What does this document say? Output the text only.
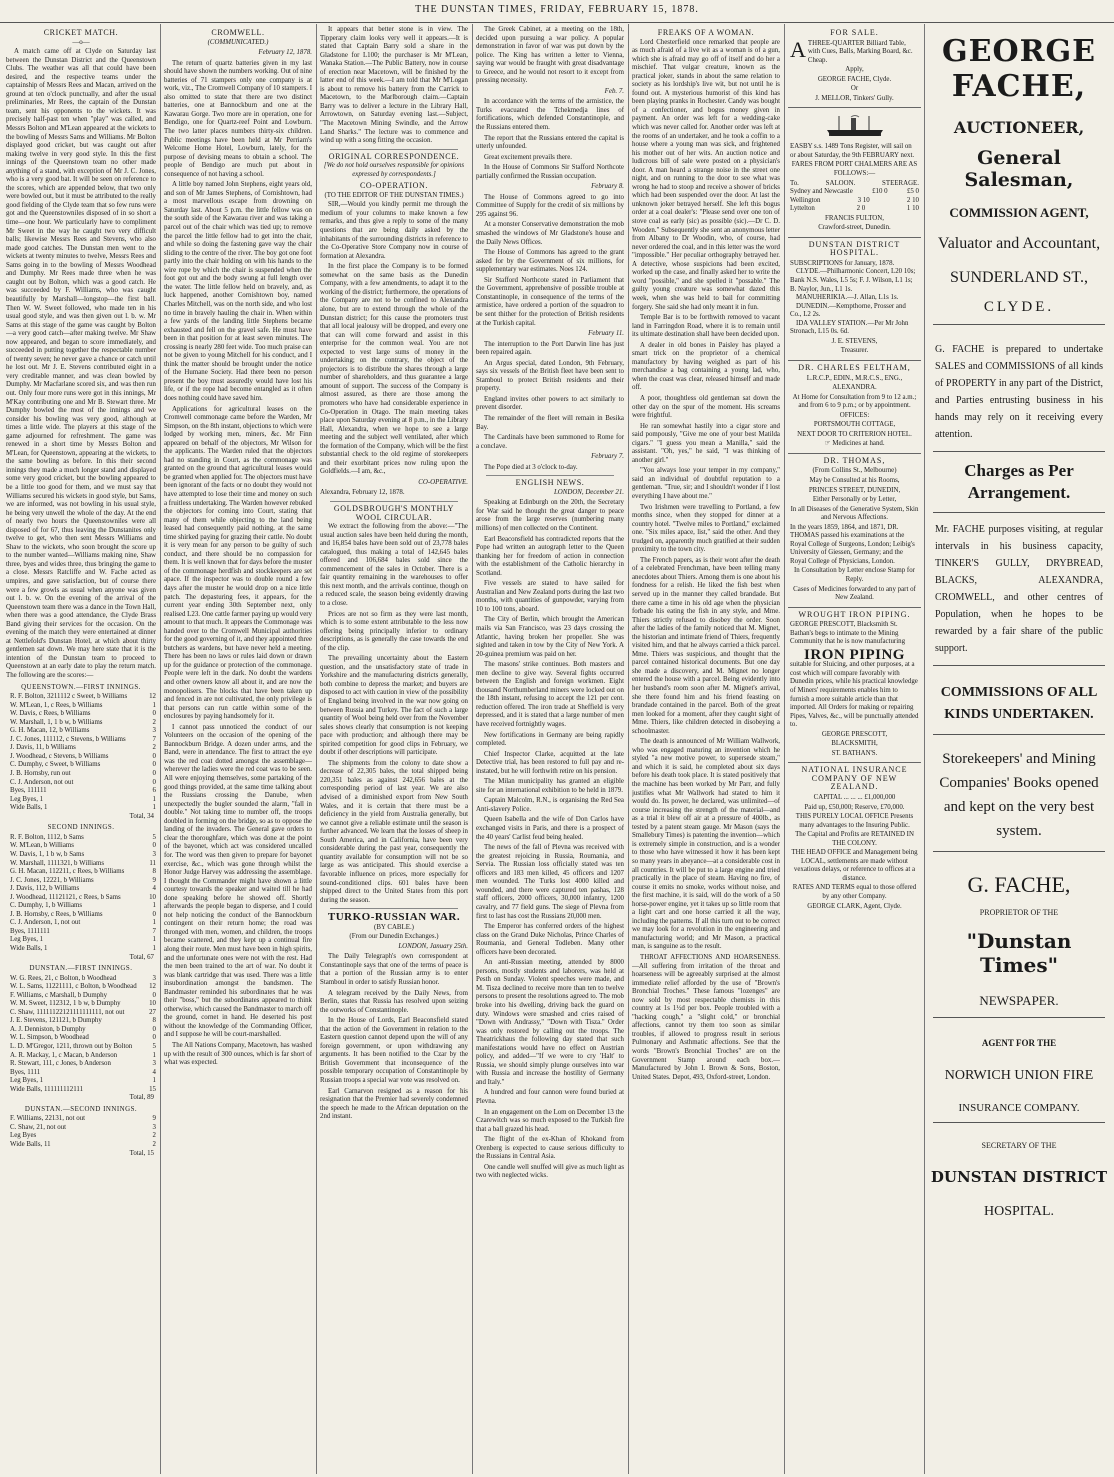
THE DUNSTAN TIMES, FRIDAY, FEBRUARY 15, 1878.
CRICKET MATCH.
—o—

A match came off at Clyde on Saturday last between the Dunstan District and the Queenstown Clubs. The weather was all that could have been desired, and the respective teams under the captainship of Messrs Rees and Macan, arrived on the ground at ten o'clock punctually, and after the usual preliminaries, Mr Rees, the captain of the Dunstan team, sent his opponents to the wickets. It was precisely half-past ten when "play" was called, and Messrs Bolton and M'Lean appeared at the wickets to the bowling of Messrs Sams and Williams. Mr Bolton displayed good cricket, but was caught out after making twelve in very good style. In this the first innings of the Queenstown team no other made anything of a stand, with exception of Mr J. C. Jones, who is a very good bat. It will be seen on reference to the scores, which are appended below, that two only were bowled out, but it must be attributed to the really good fielding of the Clyde team that so few runs were got and the Queenstowniles disposed of in so short a time—one hour. We particularly have to compliment Mr Sweet in the way he caught two very difficult balls; likewise Messrs Rees and Stevens, who also made good catches. The Dunstan men went to the wickets at twenty minutes to twelve, Messrs Rees and Sams going in to the bowling of Messrs Woodhead and Dumphy. Mr Rees made three when he was caught out by Bolton, which was a good catch. He was succeeded by F. Williams, who was caught beautifully by Marshall—longstop—the first ball. Then W. W. Sweet followed, who made ten in his usual good style, and was then given out l. b. w. Mr Sams at this stage of the game was caught by Bolton—a very good catch—after making twelve. Mr Shaw now appeared, and began to score immediately, and succeeded in putting together the respectable number of twenty seven; he never gave a chance or catch until he lost out. Mr J. E. Stevens contributed eight in a very creditable manner, and was clean bowled by Dumphy. Mr Macfarlane scored six, and was then run out. Only four more runs were got in this innings, Mr M'Kay contributing one and Mr B. Stewart three. Mr Dumphy bowled the most of the innings and we consider his bowling was very good, although at times a little wide. The players at this stage of the game adjourned for refreshment. The game was renewed in a short time by Messrs Bolton and M'Lean, for Queenstown, appearing at the wickets, to the same bowling as before. In this their second innings they made a much longer stand and displayed some very good cricket, but the bowling appeared to be a little too good for them, and we must say that Williams secured his wickets in good style, but Sams, we are informed, was not bowling in his usual style, he being very unwell the whole of the day. At the end of nearly two hours the Queenstowniles were all disposed of for 67, thus leaving the Dunstanites only twelve to get, who then sent Messrs Williams and Shaw to the wickets, who soon brought the score up to the number wanted—Williams making nine, Shaw three, byes and wides three, thus bringing the game to a close. Messrs Ratcliffe and W. Fache acted as umpires, and gave satisfaction, but of course there were a few growls as usual when anyone was given out l. b. w. On the evening of the arrival of the Queenstown team there was a dance in the Town Hall, when there was a good attendance, the Clyde Brass Band giving their services for the occasion. On the evening of the match they were entertained at dinner at Nettlefold's Dunstan Hotel, at which about thirty gentlemen sat down. We may here state that it is the intention of the Dunstan team to proceed to Queenstown at an early date to play the return match. The following are the scores:—

QUEENSTOWN.—FIRST INNINGS.
R. F. Bolton, 3211112 c Sweet, b Williams	12
W. M'Lean, 1, c Rees, b Williams	1
W. Davis, c Rees, b Williams	0
W. Marshall, 1, 1 b w, b Williams	2
G. H. Macan, 12, b Williams	3
J. C. Jones, 111112, c Stevens, b Williams	7
J. Davis, 11, b Williams	2
J. Woodhead, c Stevens, b Williams	0
C. Dumphy, c Sweet, b Williams	0
J. B. Hornsby, run out	0
C. J. Anderson, not out	0
Byes, 111111	6
Leg Byes, 1	1
Wide Balls, 1	1
Total, 34
SECOND INNINGS.
R. F. Bolton, 1112, b Sams	5
W. M'Lean, b Williams	0
W. Davis, 1, 1 b w, b Sams	3
W. Marshall, 1111321, b Williams	11
G. H. Macan, 112211, c Rees, b Williams	8
J. C. Jones, 12221, b Williams	9
J. Davis, 112, b Williams	4
J. Woodhead, 11121121, c Rees, b Sams	10
C. Dumphy, 1, b Williams	1
J. B. Hornsby, c Rees, b Williams	0
C. J. Anderson, 1, not out	1
Byes, 1111111	7
Leg Byes, 1	1
Wide Balls, 1	1
Total, 67
DUNSTAN.—FIRST INNINGS.
W. G. Rees, 21, c Bolton, b Woodhead	3
W. L. Sams, 11221111, c Bolton, b Woodhead 12
F. Williams, c Marshall, b Dumphy	0
W. M. Sweet, 112312, 1 b w, b Dumphy	10
C. Shaw, 11111122121111111111, not out	27
J. E. Stevens, 121121, b Dumphy	8
A. J. Denniston, b Dumphy	0
W. L. Simpson, b Woodhead	0
L. D. M'Gregor, 1211, thrown out by Bolton	5
A. R. Mackay, 1, c Macan, b Anderson	1
R. Stewart, 111, c Jones, b Anderson	3
Byes, 1111	4
Leg Byes, 1	1
Wide Balls, 111111112111	15
Total, 89
DUNSTAN.—SECOND INNINGS.
F. Williams, 22131, not out	9
C. Shaw, 21, not out	3
Leg Byes	2
Wide Balls, 11	2
Total, 15
CROMWELL.
(COMMUNICATED.)
February 12, 1878.

The return of quartz batteries given in my last should have shown the numbers working. Out of nine batteries of 71 stampers only one company is at work, viz., The Cromwell Company of 10 stampers. I also omitted to state that there are two distinct batteries, one at Bannockburn and one at the Kawarau Gorge. Two more are in operation, one for Bendigo, one for Quartz-reef Point and Lowburn. The two latter places numbers thirty-six children. Public meetings have been held at Mr Perriam's Welcome Home Hotel, Lowburn, lately, for the purpose of devising means to obtain a school. The people of Bendigo are much put about in consequence of not having a school.

A little boy named John Stephens, eight years old, and son of Mr James Stephens, of Cornishtown, had a most marvellous escape from drowning on Saturday last. About 5 p.m. the little fellow was on the south side of the Kawarau river and was taking a parcel out of the chair which was tied up; to remove the parcel the little fellow had to get into the chair, and while so doing the fastening gave way the chair sliding to the centre of the river. The boy got one foot partly into the chair holding on with his hands to the wire rope by which the chair is suspended when the foot got out and the body swung at full length over the water. The little fellow held on bravely, and, as luck happened, another Cornishtown boy, named Charles Mitchell, was on the north side, and who lost no time in bravely hauling the chair in. When within a few yards of the landing little Stephens became exhausted and fell on the gravel safe. He must have been in that position for at least seven minutes. The crossing is nearly 280 feet wide. Too much praise can not be given to young Mitchell for his conduct, and I think the matter should be brought under the notice of the Humane Society. Had there been no person present the boy must assuredly would have lost his life, or if the rope had become entangled as it often does nothing could have saved him.

Applications for agricultural leases on the Cromwell commonage came before the Warden, Mr Simpson, on the 8th instant, objections to which were lodged by working men, miners, &c. Mr Finn appeared on behalf of the objectors, Mr Wilson for the applicants. The Warden ruled that the objectors had no standing in Court, as the commonage was granted on the ground that agricultural leases would be granted when applied for. The objectors must have been ignorant of the facts or no doubt they would not have attempted to lose their time and money on such a fruitless undertaking. The Warden however rebuked the objectors for coming into Court, stating that many of them while objecting to the land being leased had consequently paid nothing, at the same time shirked paying for grazing their cattle. No doubt it is very mean for any person to be guilty of such conduct, and there should be no compassion for them. It is well known that for days before the muster of the commonage herdfish and stockkeepers are set apace. If the inspector was to double round a few days after the muster he would drop on a nice little patch. The depasturing fees, it appears, for the current year ending 30th September next, only realised L23. One cattle farmer paying up would very amount to that much. It appears the Commonage was handed over to the Cromwell Municipal authorities for the good governing of it, and they appointed three butchers as wardens, but have never held a meeting. There has been no laws or rules laid down or drawn up for the guidance or protection of the commonage. People were left in the dark. No doubt the wardens and other owners know all about it, and are now the monopolisers. The blocks that have been taken up and fenced in are not cultivated, the only privilege is that persons can run cattle within some of the enclosures by paying handsomely for it.

I cannot pass unnoticed the conduct of our Volunteers on the occasion of the opening of the Bannockburn Bridge. A dozen under arms, and the Band, were in attendance. The first to attract the eye was the red coat dotted amongst the assemblage—wherever the ladies were the red coat was to be seen. All were enjoying themselves, some partaking of the good things provided, at the same time talking about the Russians crossing the Danube, when unexpectedly the bugler sounded the alarm, "fall in double." Not taking time to number off, the troops doubled in forming on the bridge, so as to oppose the landing of the invaders. The General gave orders to clear the thoroughfare, which was done at the point of the bayonet, which act was considered uncalled for. The word was then given to prepare for bayonet exercise, &c., which was gone through whilst the Honor Judge Harvey was addressing the assemblage. I thought the Commander might have shown a little courtesy towards the speaker and waited till he had done speaking before he showed off. Shortly afterwards the people began to disperse, and I could not help noticing the conduct of the Bannockburn contingent on their return home; the road was thronged with men, women, and children, the troops became scattered, and they kept up a continual fire along their route. Men must have been in high spirits, and the unfortunate ones were not with the rest. Had the men been trained to the art of war. No doubt it was blank cartridge that was used. There was a little insubordination amongst the bandsmen. The Bandmaster reminded his subordinates that he was their "boss," but the subordinates appeared to think otherwise, which caused the Bandmaster to march off the ground, cornet in hand. He deserted his post without the knowledge of the Commanding Officer, and I suppose he will be court-marshalled.

The All Nations Company, Macetown, has washed up with the result of 300 ounces, which is far short of what was expected.

It appears that better stone is in view. The Tipperary claim looks very well it appears.—It is stated that Captain Barry sold a share in the Gladstone for L100; the purchaser is Mr M'Lean, Wanaka Station.—The Public Battery, now in course of erection near Macetown, will be finished by the latter end of this week.—I am told that Mr M'Logan is about to remove his battery from the Carrick to Macetown, to the Marlborough claim.—Captain Barry was to deliver a lecture in the Library Hall, Arrowtown, on Saturday evening last.—Subject, "The Macetown Mining Swindle, and the Arrow Land Sharks." The lecture was to commence and wind up with a song fitting the occasion.

ORIGINAL CORRESPONDENCE.
[We do not hold ourselves responsible for opinions expressed by correspondents.]
CO-OPERATION.
(TO THE EDITOR OF THE DUNSTAN TIMES.)

SIR,—Would you kindly permit me through the medium of your columns to make known a few remarks, and thus give a reply to some of the many questions that are being daily asked by the inhabitants of the surrounding districts in reference to the Co-Operative Store Company now in course of formation at Alexandra.

In the first place the Company is to be formed somewhat on the same basis as the Dunedin Company, with a few amendments, to adapt it to the working of the district; furthermore, the operations of the Company are not to be confined to Alexandra alone, but are to extend through the whole of the Dunstan district; for this cause the promoters trust that all local jealousy will be dropped, and every one that can will come forward and assist in this enterprise for the common weal. You are not expected to vest large sums of money in the undertaking; on the contrary, the object of the projectors is to distribute the shares through a large number of shareholders, and thus guarantee a large amount of support. The success of the Company is almost assured, as there are those among the promoters who have had considerable experience in Co-Operation in Otago. The main meeting takes place upon Saturday evening at 8 p.m., in the Library Hall, Alexandra, when we hope to see a large meeting and the subject well ventilated, after which the formation of the Company, which will be the first substantial check to the old regime of storekeepers and their exorbitant prices now ruling upon the Goldfields.—I am, &c.,

CO-OPERATIVE.
Alexandra, February 12, 1878.
GOLDSBROUGH'S MONTHLY WOOL CIRCULAR.

We extract the following from the above:—"The usual auction sales have been held during the month, and 16,854 bales have been sold out of 23,778 bales catalogued, thus making a total of 142,645 bales offered and 106,684 bales sold since the commencement of the sales in October. There is a fair quantity remaining in the warehouses to offer this next month, and the arrivals continue, though on a reduced scale, the season being evidently drawing to a close.

Prices are not so firm as they were last month, which is to some extent attributable to the less now offering being principally inferior to ordinary descriptions, as is generally the case towards the end of the clip.

The prevailing uncertainty about the Eastern question, and the unsatisfactory state of trade in Yorkshire and the manufacturing districts generally, both combine to depress the market; and buyers are disposed to act with caution in view of the possibility of England being involved in the war now going on between Russia and Turkey. The fact of such a large quantity of Wool being held over from the November sales shows clearly that consumption is not keeping pace with production; and although there may be spirited competition for good clips in February, we doubt if other descriptions will participate.

The shipments from the colony to date show a decrease of 22,305 bales, the total shipped being 220,351 bales as against 242,656 bales at the corresponding period of last year. We are also advised of a diminished export from New South Wales, and it is certain that there must be a deficiency in the yield from Australia generally, but we cannot give a reliable estimate until the season is further advanced. We learn that the losses of sheep in South America, and in California, have been very considerable during the past year, consequently the quantity available for consumption will not be so large as was anticipated. This should exercise a favorable influence on prices, more especially for sound-conditioned clips. 601 bales have been shipped direct to the United States from this port during the season.

TURKO-RUSSIAN WAR.
(BY CABLE.)
(From our Dunedin Exchanges.)
LONDON, January 25th.

The Daily Telegraph's own correspondent at Constantinople says that one of the terms of peace is that a portion of the Russian army is to enter Stamboul in order to satisfy Russian honor.

A telegram received by the Daily News, from Berlin, states that Russia has resolved upon seizing the outworks of Constantinople.

In the House of Lords, Earl Beaconsfield stated that the action of the Government in relation to the Eastern question cannot depend upon the will of any foreign government, or upon withdrawing any arguments. It has been notified to the Czar by the British Government that inconsequence of the possible temporary occupation of Constantinople by Russian troops a special war vote was resolved on.

Earl Carnarvon resigned as a reason for his resignation that the Premier had severely condemned the speech he made to the African deputation on the 2nd instant.

The Greek Cabinet, at a meeting on the 18th, decided upon pursuing a war policy. A popular demonstration in favor of war was put down by the police. The King has written a letter to Vienna, saying war would be fraught with great disadvantage to Greece, and he would not resort to it except from pressing necessity.

Feb. 7.

In accordance with the terms of the armistice, the Turks evacuated the Tchekmedja lines of fortifications, which defended Constantinople, and the Russians entered them.

The report that the Russians entered the capital is utterly unfounded.

Great excitement prevails there.

In the House of Commons Sir Stafford Northcote partially confirmed the Russian occupation.

February 8.

The House of Commons agreed to go into Committee of Supply for the credit of six millions by 295 against 96.

At a monster Conservative demonstration the mob smashed the windows of Mr Gladstone's house and the Daily News Offices.

The House of Commons has agreed to the grant asked for by the Government of six millions, for supplementary war estimates. Noes 124.

Sir Stafford Northcote stated in Parliament that the Government, apprehensive of possible trouble at Constantinople, in consequence of the terms of the armistice, have ordered a portion of the squadron to be sent thither for the protection of British residents at the Turkish capital.

February 11.

The interruption to the Port Darwin line has just been repaired again.

An Argus special, dated London, 9th February, says six vessels of the British fleet have been sent to Stamboul to protect British residents and their property.

England invites other powers to act similarly to prevent disorder.

The remainder of the fleet will remain in Besika Bay.

The Cardinals have been summoned to Rome for a conclave.

February 7.

The Pope died at 3 o'clock to-day.

ENGLISH NEWS.
LONDON, December 21.

Speaking at Edinburgh on the 20th, the Secretary for War said he thought the great danger to peace arose from the large reserves (numbering many millions) of men collected on the Continent.

Earl Beaconsfield has contradicted reports that the Pope had written an autograph letter to the Queen thanking her for freedom of action in connection with the establishment of the Catholic hierarchy in Scotland.

Five vessels are stated to have sailed for Australian and New Zealand ports during the last two months, with quantities of gunpowder, varying from 10 to 100 tons, aboard.

The City of Berlin, which brought the American mails via San Francisco, was 23 days crossing the Atlantic, having broken her propeller. She was sighted and taken in tow by the City of New York. A 20-guinea premium was paid on her.

The masons' strike continues. Both masters and men decline to give way. Several fights occurred between the English and foreign workmen. Eight thousand Northumberland miners were locked out on the 18th instant, refusing to accept the 121 per cent. reduction offered. The iron trade at Sheffield is very depressed, and it is stated that a large number of men have received fortnightly wages.

New fortifications in Germany are being rapidly completed.

Chief Inspector Clarke, acquitted at the late Detective trial, has been restored to full pay and re-instated, but he will forthwith retire on his pension.

The Milan municipality has granted an eligible site for an international exhibition to be held in 1879.

Captain Malcolm, R.N., is organising the Red Sea Anti-slavery Police.

Queen Isabella and the wife of Don Carlos have exchanged visits in Paris, and there is a prospect of the 40 years' Carlist feud being healed.

The news of the fall of Plevna was received with the greatest rejoicing in Russia, Roumania, and Servia. The Russian loss officially stated was ten officers and 183 men killed, 45 officers and 1207 men wounded. The Turks lost 4000 killed and wounded, and there were captured ten pashas, 128 staff officers, 2000 officers, 30,000 infantry, 1200 cavalry, and 77 field guns. The siege of Plevna from first to last has cost the Russians 20,000 men.

The Emperor has conferred orders of the highest class on the Grand Duke Nicholas, Prince Charles of Roumania, and General Todleben. Many other officers have been decorated.

An anti-Russian meeting, attended by 8000 persons, mostly students and laborers, was held at Pesth on Sunday. Violent speeches were made, and M. Tisza declined to receive more than ten to twelve persons to present the resolutions agreed to. The mob broke into his dwelling, driving back the guard on duty. Windows were smashed and cries raised of "Down with Andrassy," "Down with Tisza." Order was only restored by calling out the troops. The Theatrickhaus the following day stated that such manifestations would have no effect on Austrian policy, and added—"If we were to cry 'Halt' to Russia, we should simply plunge ourselves into war with Russia and increase the hostility of Germany and Italy."

A hundred and four cannon were found buried at Plevna.

In an engagement on the Lom on December 13 the Czarewitch was so much exposed to the Turkish fire that a ball grazed his head.

The flight of the ex-Khan of Khokand from Orenberg is expected to cause serious difficulty to the Russians in Central Asia.

One candle well snuffed will give as much light as two with neglected wicks.

FREAKS OF A WOMAN.

Lord Chesterfield once remarked that people are as much afraid of a live wit as a woman is of a gun, which she is afraid may go off of itself and do her a mischief. That vulgar creature, known as the practical joker, stands in about the same relation to society as his lordship's live wit, but not until he is found out. A mysterious humorist of this kind has been playing pranks in Rochester. Candy was bought of a confectioner, and bogus money given in payment. An order was left for a wedding-cake which was never called for. Another order was left at the rooms of an undertaker, and he took a coffin to a house where a young man was sick, and frightened his mother out of her wits. An auction notice and ludicrous bill of sale were posted on a physician's door. A man heard a strange noise in the street one night, and on running to the door to see what was wrong he had to stoop and receive a shower of bricks which had been suspended over the door. At last the unknown joker betrayed herself. She left this bogus order at a coal dealer's: "Please send over one ton of stove coal as early (sic) as possible (sic).—Dr C. D. Wooden." Subsequently she sent an anonymous letter from Albany to Dr Woodin, who, of course, had never ordered the coal, and in this letter was the word "impossible." Her peculiar orthography betrayed her. A detective, whose suspicions had been excited, worked up the case, and finally asked her to write the word "possible," and she spelled it "possable." The guilty young creature was somewhat dazed this week, when she was held to bail for committing forgery. She said she had only meant it in fun.

Temple Bar is to be forthwith removed to vacant land in Farringdon Road, where it is to remain until its ultimate destination shall have been decided upon.

A dealer in old bones in Paisley has played a smart trick on the proprietor of a chemical manufactory by having weighed as part of his merchandise a bag containing a young lad, who, when the coast was clear, released himself and made off.

A poor, thoughtless old gentleman sat down the other day on the spur of the moment. His screams were frightful.

He ran somewhat hastily into a cigar store and said pompously, "Give me one of your best Matilda cigars." "I guess you mean a Manilla," said the assistant. "Oh, yes," he said, "I was thinking of another girl."

"You always lose your temper in my company," said an individual of doubtful reputation to a gentleman. "True, sir; and I shouldn't wonder if I lost everything I have about me."

Two Irishmen were travelling to Portland, a few months since, when they stopped for dinner at a country hotel. "Twelve miles to Portland," exclaimed one. "Six miles apace, list," said the other. And they trudged on, apparently much gratified at their sudden proximity to the town city.

The French papers, as is their wont after the death of a celebrated Frenchman, have been telling many anecdotes about Thiers. Among them is one about his fondness for a relish. He liked the fish best when served up in the manner they called brandade. But there came a time in his old age when the physician forbade his eating the fish in any style, and Mme. Thiers strictly refused to disobey the order. Soon after the ladies of the family noticed that M. Mignet, the historian and intimate friend of Thiers, frequently visited him, and that he always carried a thick parcel. Mme. Thiers was suspicious, and thought that the parcel contained historical documents. But one day she made a discovery, and M. Mignet no longer entered the house with a parcel. Being evidently into her husband's room soon after M. Mignet's arrival, she there found him and his friend feasting on brandade contained in the parcel. Both of the great men looked for a moment, after they caught sight of Mme. Thiers, like children detected in disobeying a schoolmaster.

The death is announced of Mr William Wallwork, who was engaged maturing an invention which he styled "a new motive power, to supersede steam," and which it is said, he completed about six days before his death took place. It is stated positively that the machine has been worked by Mr Parr, and fully justifies what Mr Wallwork had stated to him it would do. Its power, he declared, was unlimited—of course increasing the strength of the material—and as a trial it blew off air at a pressure of 400lb., as tested by a patent steam gauge. Mr Mason (says the Smallebury Times) is patenting the invention—which is extremely simple in construction, and is a wonder to those who have witnessed it how it has been kept so many years in abeyance—at a considerable cost in all countries. It will be put to a large engine and tried practically in the place of steam. Having no fire, of course it emits no smoke, works without noise, and the first machine, it is said, will do the work of a 50 horse-power engine, yet it takes up so little room that a light cart and one horse carried it all the way, including the patterns. If all this turn out to be correct we may look for a revolution in the engineering and manufacturing world; and Mr Mason, a practical man, is sanguine as to the result.

THROAT AFFECTIONS AND HOARSENESS.—All suffering from irritation of the throat and hoarseness will be agreeably surprised at the almost immediate relief afforded by the use of "Brown's Bronchial Troches." These famous "lozenges" are now sold by most respectable chemists in this country at 1s 1½d per box. People troubled with a "hacking cough," a "slight cold," or bronchial affections, cannot try them too soon as similar troubles, if allowed to progress result in serious Pulmonary and Asthmatic affections. See that the words "Brown's Bronchial Troches" are on the Government Stamp around each box.—Manufactured by John I. Brown & Sons, Boston, United States. Depot, 493, Oxford-street, London.

FOR SALE.
ATHREE-QUARTER Billiard Table, with Cues, Balls, Marking Board, &c. Cheap.
Apply,
GEORGE FACHE, Clyde.
Or
J. MELLOR, Tinkers' Gully.
EASBY s.s. 1489 Tons Register, will sail on or about Saturday, the 9th FEBRUARY next.
FARES FROM PORT CHALMERS ARE AS FOLLOWS:—
To.	SALOON.	STEERAGE.
Sydney and Newcastle	£10 0	£5 0
Wellington	3 10	2 10
Lyttelton	2 0	1 10
FRANCIS FULTON,
Crawford-street, Dunedin.
DUNSTAN DISTRICT HOSPITAL.
SUBSCRIPTIONS for January, 1878.
CLYDE.—Philharmonic Concert, L20 10s; Bank N.S. Wales, L5 5s; F. J. Wilson, L1 1s; B. Naylor, Jun., L1 1s.
MANUHERIKIA.—J. Allan, L1s 1s.
DUNEDIN.—Kempthorne, Prosser and Co., L2 2s.
IDA VALLEY STATION.—Per Mr John Stronach, L15 0s. 6d.
J. E. STEVENS,
Treasurer.
DR. CHARLES FELTHAM,
L.R.C.P., EDIN., M.R.C.S., ENG.,
ALEXANDRA.
At Home for Consultation from 9 to 12 a.m.; and from 6 to 9 p.m.; or by appointment.
OFFICES:
PORTSMOUTH COTTAGE,
NEXT DOOR TO CRITERION HOTEL.
☞ Medicines at hand.
DR. THOMAS,
(From Collins St., Melbourne)
May be Consulted at his Rooms,
PRINCES STREET, DUNEDIN,
Either Personally or by Letter,
In all Diseases of the Generative System, Skin and Nervous Affections.
In the years 1859, 1864, and 1871, DR. THOMAS passed his examinations at the Royal College of Surgeons, London; Leibig's University of Giessen, Germany; and the Royal College of Physicians, London.
In Consultation by Letter enclose Stamp for Reply.
Cases of Medicines forwarded to any part of New Zealand.
WROUGHT IRON PIPING.
GEORGE PRESCOTT, Blacksmith St. Bathan's begs to intimate to the Mining Community that he is now manufacturing
IRON PIPING
suitable for Sluicing, and other purposes, at a cost which will compare favorably with Dunedin prices, while his practical knowledge of Miners' requirements enables him to furnish a more suitable article than that imported. All Orders for making or repairing Pipes, Valves, &c., will be punctually attended to.
GEORGE PRESCOTT,
BLACKSMITH,
ST. BATHAN'S.
NATIONAL INSURANCE COMPANY OF NEW ZEALAND.
CAPITAL ... ... ... £1,000,000
Paid up, £50,000; Reserve, £70,000.
THIS PURELY LOCAL OFFICE Presents many advantages to the Insuring Public.
The Capital and Profits are RETAINED IN THE COLONY.
THE HEAD OFFICE and Management being LOCAL, settlements are made without vexatious delays, or reference to offices at a distance.
RATES AND TERMS equal to those offered by any other Company.
GEORGE CLARK, Agent, Clyde.
GEORGE FACHE,
AUCTIONEER,
General Salesman,
COMMISSION AGENT,
Valuator and Accountant,
SUNDERLAND ST.,
CLYDE.
G. FACHE is prepared to undertake SALES and COMMISSIONS of all kinds of PROPERTY in any part of the District, and Parties entrusting business in his hands may rely on it receiving every attention.
Charges as Per Arrangement.
Mr. FACHE purposes visiting, at regular intervals in his business capacity, TINKER'S GULLY, DRYBREAD, BLACKS, ALEXANDRA, CROMWELL, and other centres of Population, when he hopes to be rewarded by a fair share of the public support.
COMMISSIONS OF ALL KINDS UNDERTAKEN.
Storekeepers' and Mining Companies' Books opened and kept on the very best system.
G. FACHE,
PROPRIETOR OF THE
"Dunstan Times"
NEWSPAPER.
AGENT FOR THE
NORWICH UNION FIRE
INSURANCE COMPANY.
SECRETARY OF THE
DUNSTAN DISTRICT
HOSPITAL.
